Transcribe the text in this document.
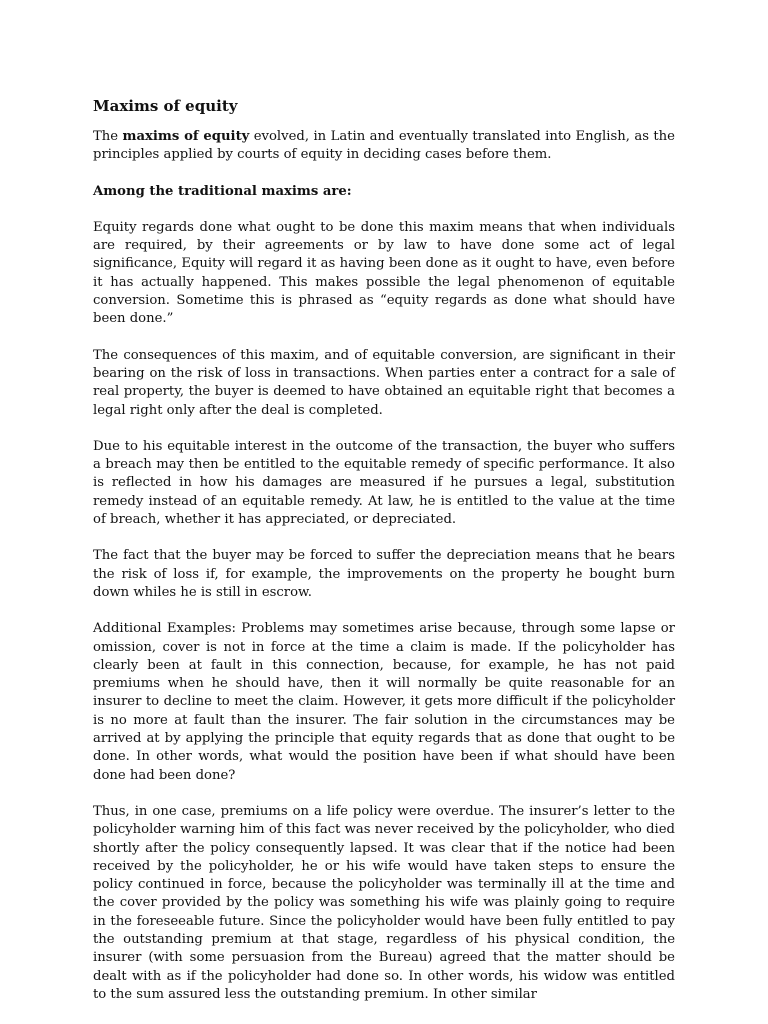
Maxims of equity

The maxims of equity evolved, in Latin and eventually translated into English, as the principles applied by courts of equity in deciding cases before them.

Among the traditional maxims are:

Equity regards done what ought to be done this maxim means that when individuals are required, by their agreements or by law to have done some act of legal significance, Equity will regard it as having been done as it ought to have, even before it has actually happened. This makes possible the legal phenomenon of equitable conversion. Sometime this is phrased as “equity regards as done what should have been done.”

The consequences of this maxim, and of equitable conversion, are significant in their bearing on the risk of loss in transactions. When parties enter a contract for a sale of real property, the buyer is deemed to have obtained an equitable right that becomes a legal right only after the deal is completed.

Due to his equitable interest in the outcome of the transaction, the buyer who suffers a breach may then be entitled to the equitable remedy of specific performance. It also is reflected in how his damages are measured if he pursues a legal, substitution remedy instead of an equitable remedy. At law, he is entitled to the value at the time of breach, whether it has appreciated, or depreciated.

The fact that the buyer may be forced to suffer the depreciation means that he bears the risk of loss if, for example, the improvements on the property he bought burn down whiles he is still in escrow.

Additional Examples: Problems may sometimes arise because, through some lapse or omission, cover is not in force at the time a claim is made. If the policyholder has clearly been at fault in this connection, because, for example, he has not paid premiums when he should have, then it will normally be quite reasonable for an insurer to decline to meet the claim. However, it gets more difficult if the policyholder is no more at fault than the insurer. The fair solution in the circumstances may be arrived at by applying the principle that equity regards that as done that ought to be done. In other words, what would the position have been if what should have been done had been done?

Thus, in one case, premiums on a life policy were overdue. The insurer’s letter to the policyholder warning him of this fact was never received by the policyholder, who died shortly after the policy consequently lapsed. It was clear that if the notice had been received by the policyholder, he or his wife would have taken steps to ensure the policy continued in force, because the policyholder was terminally ill at the time and the cover provided by the policy was something his wife was plainly going to require in the foreseeable future. Since the policyholder would have been fully entitled to pay the outstanding premium at that stage, regardless of his physical condition, the insurer (with some persuasion from the Bureau) agreed that the matter should be dealt with as if the policyholder had done so. In other words, his widow was entitled to the sum assured less the outstanding premium. In other similar
